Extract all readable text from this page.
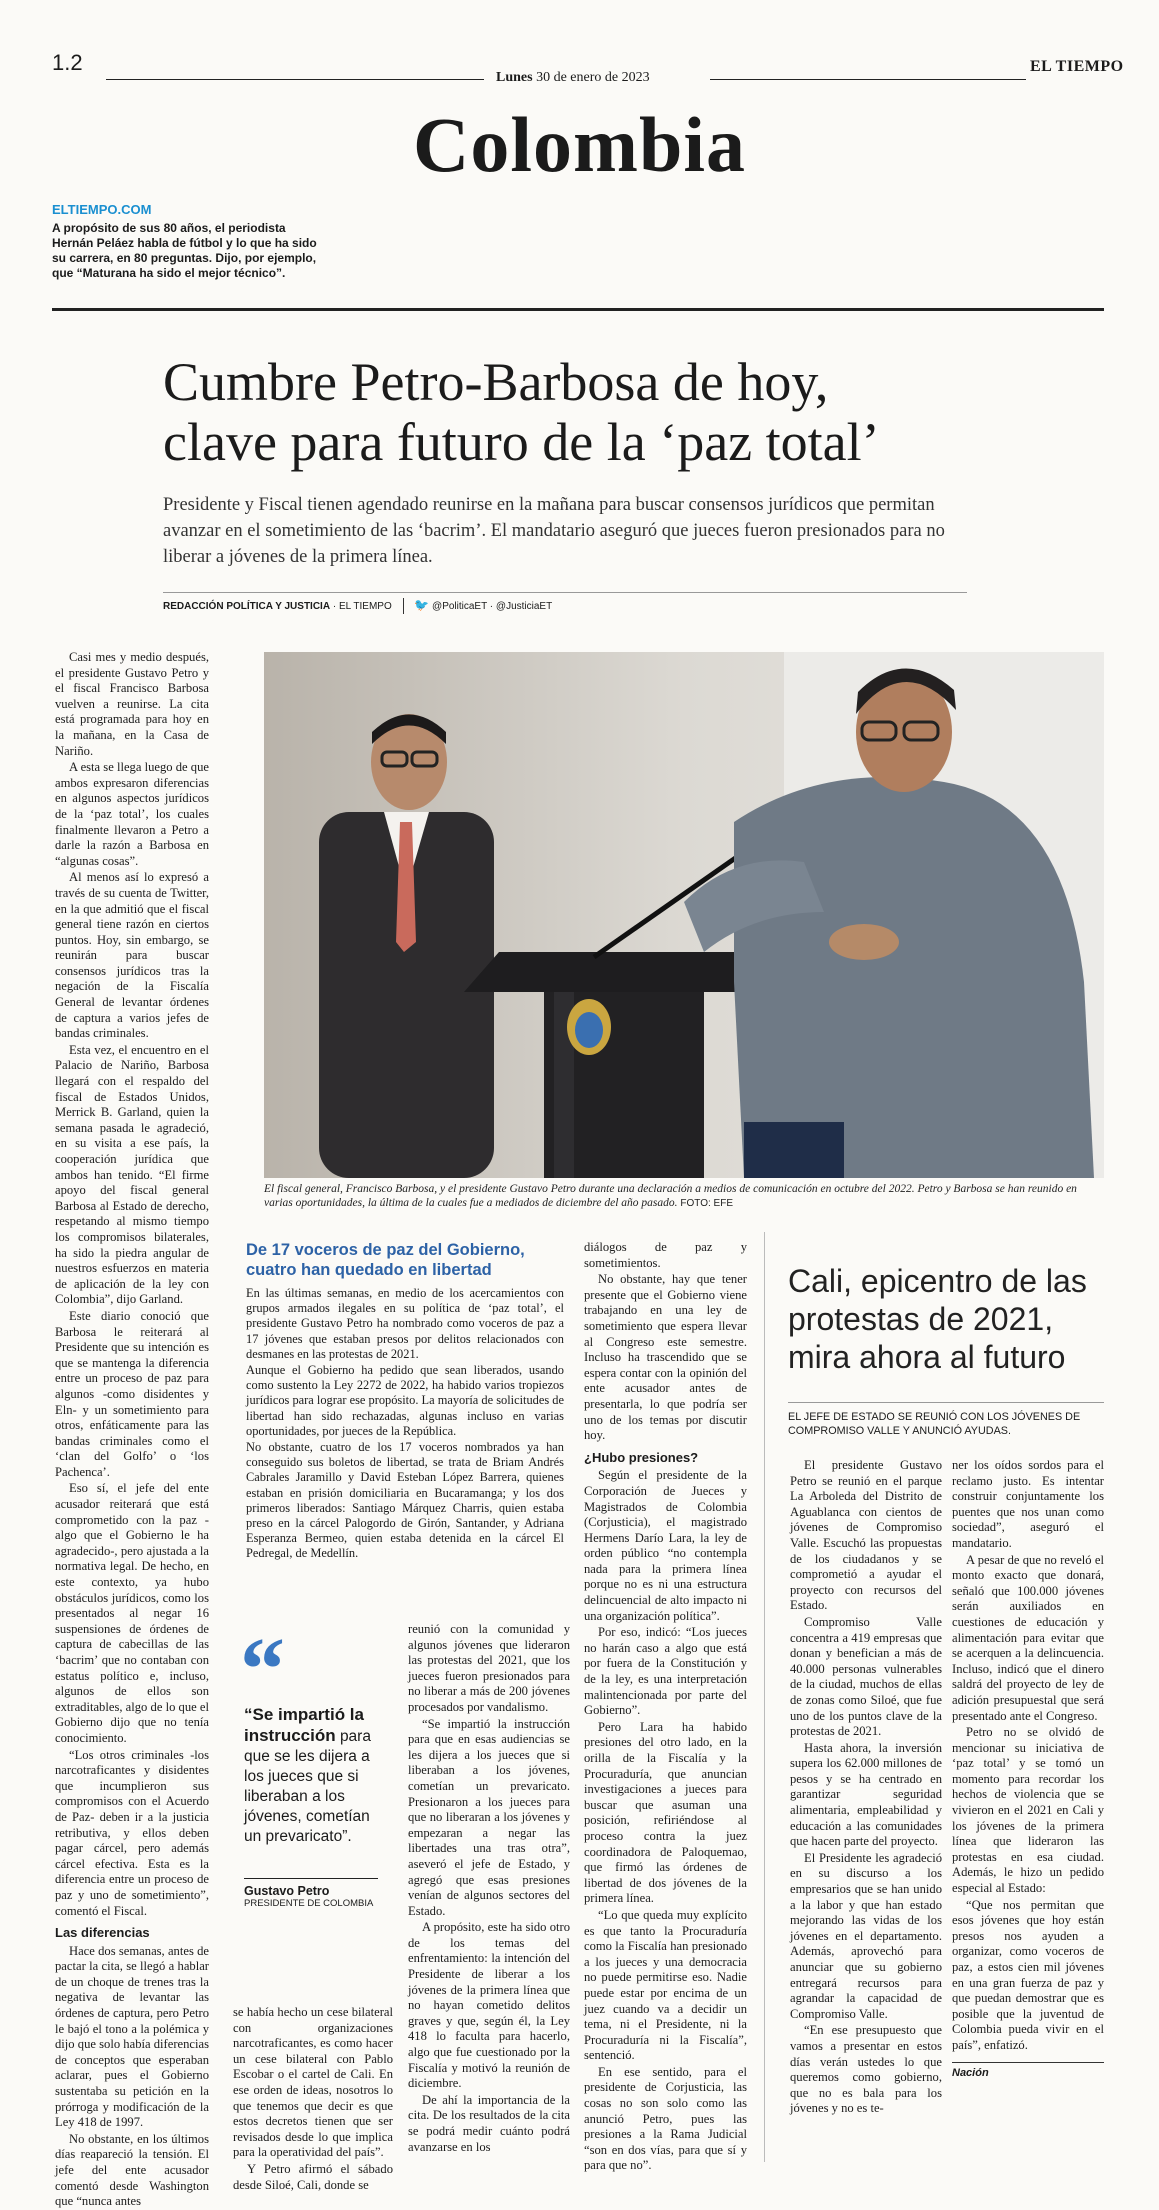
1.2
Lunes 30 de enero de 2023
EL TIEMPO
Colombia
ELTIEMPO.COM
A propósito de sus 80 años, el periodista Hernán Peláez habla de fútbol y lo que ha sido su carrera, en 80 preguntas. Dijo, por ejemplo, que “Maturana ha sido el mejor técnico”.
Cumbre Petro-Barbosa de hoy,
clave para futuro de la ‘paz total’
Presidente y Fiscal tienen agendado reunirse en la mañana para buscar consensos jurídicos que permitan avanzar en el sometimiento de las ‘bacrim’. El mandatario aseguró que jueces fueron presionados para no liberar a jóvenes de la primera línea.
REDACCIÓN POLÍTICA Y JUSTICIA · EL TIEMPO 🐦 @PoliticaET · @JusticiaET

Casi mes y medio después, el presidente Gustavo Petro y el fiscal Francisco Barbosa vuelven a reunirse. La cita está programada para hoy en la mañana, en la Casa de Nariño.

A esta se llega luego de que ambos expresaron diferencias en algunos aspectos jurídicos de la ‘paz total’, los cuales finalmente llevaron a Petro a darle la razón a Barbosa en “algunas cosas”.

Al menos así lo expresó a través de su cuenta de Twitter, en la que admitió que el fiscal general tiene razón en ciertos puntos. Hoy, sin embargo, se reunirán para buscar consensos jurídicos tras la negación de la Fiscalía General de levantar órdenes de captura a varios jefes de bandas criminales.

Esta vez, el encuentro en el Palacio de Nariño, Barbosa llegará con el respaldo del fiscal de Estados Unidos, Merrick B. Garland, quien la semana pasada le agradeció, en su visita a ese país, la cooperación jurídica que ambos han tenido. “El firme apoyo del fiscal general Barbosa al Estado de derecho, respetando al mismo tiempo los compromisos bilaterales, ha sido la piedra angular de nuestros esfuerzos en materia de aplicación de la ley con Colombia”, dijo Garland.

Este diario conoció que Barbosa le reiterará al Presidente que su intención es que se mantenga la diferencia entre un proceso de paz para algunos -como disidentes y Eln- y un sometimiento para otros, enfáticamente para las bandas criminales como el ‘clan del Golfo’ o ‘los Pachenca’.

Eso sí, el jefe del ente acusador reiterará que está comprometido con la paz -algo que el Gobierno le ha agradecido-, pero ajustada a la normativa legal. De hecho, en este contexto, ya hubo obstáculos jurídicos, como los presentados al negar 16 suspensiones de órdenes de captura de cabecillas de las ‘bacrim’ que no contaban con estatus político e, incluso, algunos de ellos son extraditables, algo de lo que el Gobierno dijo que no tenía conocimiento.

“Los otros criminales -los narcotraficantes y disidentes que incumplieron sus compromisos con el Acuerdo de Paz- deben ir a la justicia retributiva, y ellos deben pagar cárcel, pero además cárcel efectiva. Esta es la diferencia entre un proceso de paz y uno de sometimiento”, comentó el Fiscal.

Las diferencias

Hace dos semanas, antes de pactar la cita, se llegó a hablar de un choque de trenes tras la negativa de levantar las órdenes de captura, pero Petro le bajó el tono a la polémica y dijo que solo había diferencias de conceptos que esperaban aclarar, pues el Gobierno sustentaba su petición en la prórroga y modificación de la Ley 418 de 1997.

No obstante, en los últimos días reapareció la tensión. El jefe del ente acusador comentó desde Washington que “nunca antes

El fiscal general, Francisco Barbosa, y el presidente Gustavo Petro durante una declaración a medios de comunicación en octubre del 2022. Petro y Barbosa se han reunido en varias oportunidades, la última de la cuales fue a mediados de diciembre del año pasado. FOTO: EFE
De 17 voceros de paz del Gobierno,
cuatro han quedado en libertad

En las últimas semanas, en medio de los acercamientos con grupos armados ilegales en su política de ‘paz total’, el presidente Gustavo Petro ha nombrado como voceros de paz a 17 jóvenes que estaban presos por delitos relacionados con desmanes en las protestas de 2021.

Aunque el Gobierno ha pedido que sean liberados, usando como sustento la Ley 2272 de 2022, ha habido varios tropiezos jurídicos para lograr ese propósito. La mayoría de solicitudes de libertad han sido rechazadas, algunas incluso en varias oportunidades, por jueces de la República.

No obstante, cuatro de los 17 voceros nombrados ya han conseguido sus boletos de libertad, se trata de Briam Andrés Cabrales Jaramillo y David Esteban López Barrera, quienes estaban en prisión domiciliaria en Bucaramanga; y los dos primeros liberados: Santiago Márquez Charris, quien estaba preso en la cárcel Palogordo de Girón, Santander, y Adriana Esperanza Bermeo, quien estaba detenida en la cárcel El Pedregal, de Medellín.

diálogos de paz y sometimientos.

No obstante, hay que tener presente que el Gobierno viene trabajando en una ley de sometimiento que espera llevar al Congreso este semestre. Incluso ha trascendido que se espera contar con la opinión del ente acusador antes de presentarla, lo que podría ser uno de los temas por discutir hoy.

¿Hubo presiones?

Según el presidente de la Corporación de Jueces y Magistrados de Colombia (Corjusticia), el magistrado Hermens Darío Lara, la ley de orden público “no contempla nada para la primera línea porque no es ni una estructura delincuencial de alto impacto ni una organización política”.

Por eso, indicó: “Los jueces no harán caso a algo que está por fuera de la Constitución y de la ley, es una interpretación malintencionada por parte del Gobierno”.

Pero Lara ha habido presiones del otro lado, en la orilla de la Fiscalía y la Procuraduría, que anuncian investigaciones a jueces para buscar que asuman una posición, refiriéndose al proceso contra la juez coordinadora de Paloquemao, que firmó las órdenes de libertad de dos jóvenes de la primera línea.

“Lo que queda muy explícito es que tanto la Procuraduría como la Fiscalía han presionado a los jueces y una democracia no puede permitirse eso. Nadie puede estar por encima de un juez cuando va a decidir un tema, ni el Presidente, ni la Procuraduría ni la Fiscalía”, sentenció.

En ese sentido, para el presidente de Corjusticia, las cosas no son solo como las anunció Petro, pues las presiones a la Rama Judicial “son en dos vías, para que sí y para que no”.

“
“Se impartió la instrucción para que se les dijera a los jueces que si liberaban a los jóvenes, cometían un prevaricato”.
Gustavo Petro
PRESIDENTE DE COLOMBIA

se había hecho un cese bilateral con organizaciones narcotraficantes, es como hacer un cese bilateral con Pablo Escobar o el cartel de Cali. En ese orden de ideas, nosotros lo que tenemos que decir es que estos decretos tienen que ser revisados desde lo que implica para la operatividad del país”.

Y Petro afirmó el sábado desde Siloé, Cali, donde se

reunió con la comunidad y algunos jóvenes que lideraron las protestas del 2021, que los jueces fueron presionados para no liberar a más de 200 jóvenes procesados por vandalismo.

“Se impartió la instrucción para que en esas audiencias se les dijera a los jueces que si liberaban a los jóvenes, cometían un prevaricato. Presionaron a los jueces para que no liberaran a los jóvenes y empezaran a negar las libertades una tras otra”, aseveró el jefe de Estado, y agregó que esas presiones venían de algunos sectores del Estado.

A propósito, este ha sido otro de los temas del enfrentamiento: la intención del Presidente de liberar a los jóvenes de la primera línea que no hayan cometido delitos graves y que, según él, la Ley 418 lo faculta para hacerlo, algo que fue cuestionado por la Fiscalía y motivó la reunión de diciembre.

De ahí la importancia de la cita. De los resultados de la cita se podrá medir cuánto podrá avanzarse en los

Cali, epicentro de las
protestas de 2021,
mira ahora al futuro
EL JEFE DE ESTADO SE REUNIÓ CON LOS JÓVENES DE COMPROMISO VALLE Y ANUNCIÓ AYUDAS.

El presidente Gustavo Petro se reunió en el parque La Arboleda del Distrito de Aguablanca con cientos de jóvenes de Compromiso Valle. Escuchó las propuestas de los ciudadanos y se comprometió a ayudar el proyecto con recursos del Estado.

Compromiso Valle concentra a 419 empresas que donan y benefician a más de 40.000 personas vulnerables de la ciudad, muchos de ellas de zonas como Siloé, que fue uno de los puntos clave de la protestas de 2021.

Hasta ahora, la inversión supera los 62.000 millones de pesos y se ha centrado en garantizar seguridad alimentaria, empleabilidad y educación a las comunidades que hacen parte del proyecto.

El Presidente les agradeció en su discurso a los empresarios que se han unido a la labor y que han estado mejorando las vidas de los jóvenes en el departamento. Además, aprovechó para anunciar que su gobierno entregará recursos para agrandar la capacidad de Compromiso Valle.

“En ese presupuesto que vamos a presentar en estos días verán ustedes lo que queremos como gobierno, que no es bala para los jóvenes y no es te-

ner los oídos sordos para el reclamo justo. Es intentar construir conjuntamente los puentes que nos unan como sociedad”, aseguró el mandatario.

A pesar de que no reveló el monto exacto que donará, señaló que 100.000 jóvenes serán auxiliados en cuestiones de educación y alimentación para evitar que se acerquen a la delincuencia. Incluso, indicó que el dinero saldrá del proyecto de ley de adición presupuestal que será presentado ante el Congreso.

Petro no se olvidó de mencionar su iniciativa de ‘paz total’ y se tomó un momento para recordar los hechos de violencia que se vivieron en el 2021 en Cali y los jóvenes de la primera línea que lideraron las protestas en esa ciudad. Además, le hizo un pedido especial al Estado:

“Que nos permitan que esos jóvenes que hoy están presos nos ayuden a organizar, como voceros de paz, a estos cien mil jóvenes en una gran fuerza de paz y que puedan demostrar que es posible que la juventud de Colombia pueda vivir en el país”, enfatizó.

Nación
